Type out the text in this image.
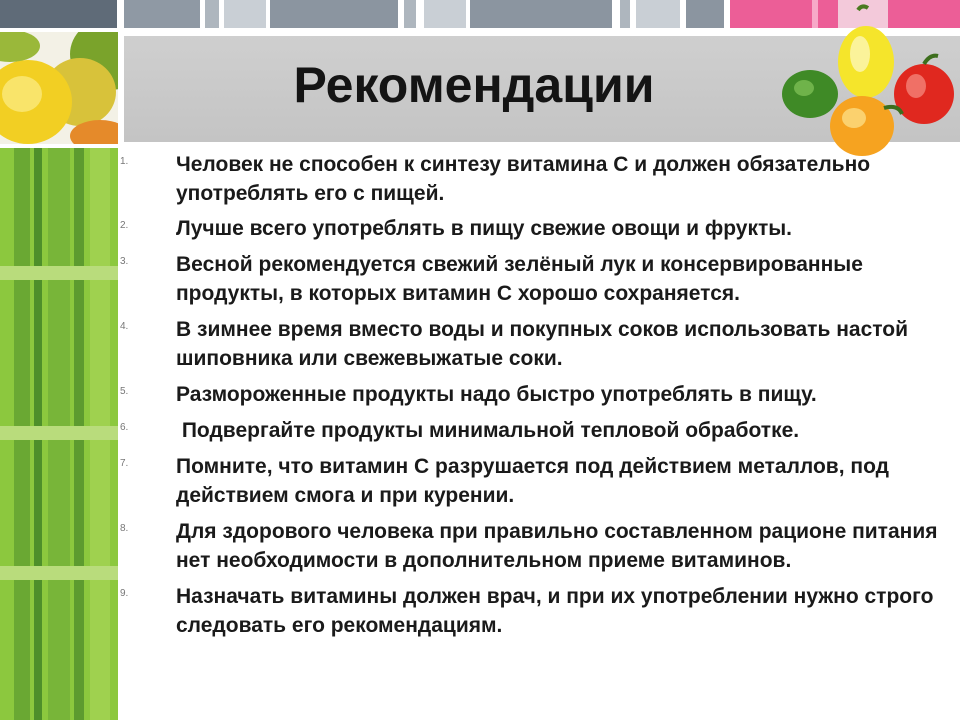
Рекомендации
1.	Человек не способен к синтезу витамина С и должен обязательно употреблять его с пищей.
2.	Лучше всего употреблять в пищу свежие овощи и фрукты.
3.	Весной рекомендуется свежий зелёный лук и консервированные продукты, в которых витамин С хорошо сохраняется.
4.	В зимнее время вместо воды и покупных соков использовать настой шиповника или свежевыжатые соки.
5.	Размороженные продукты надо быстро употреблять в пищу.
6.	Подвергайте продукты минимальной тепловой обработке.
7.	Помните, что витамин С разрушается под действием металлов, под действием смога и при курении.
8.	Для здорового человека при правильно составленном рационе питания нет необходимости в дополнительном приеме витаминов.
9.	Назначать витамины должен врач, и при их употреблении нужно строго следовать его рекомендациям.
